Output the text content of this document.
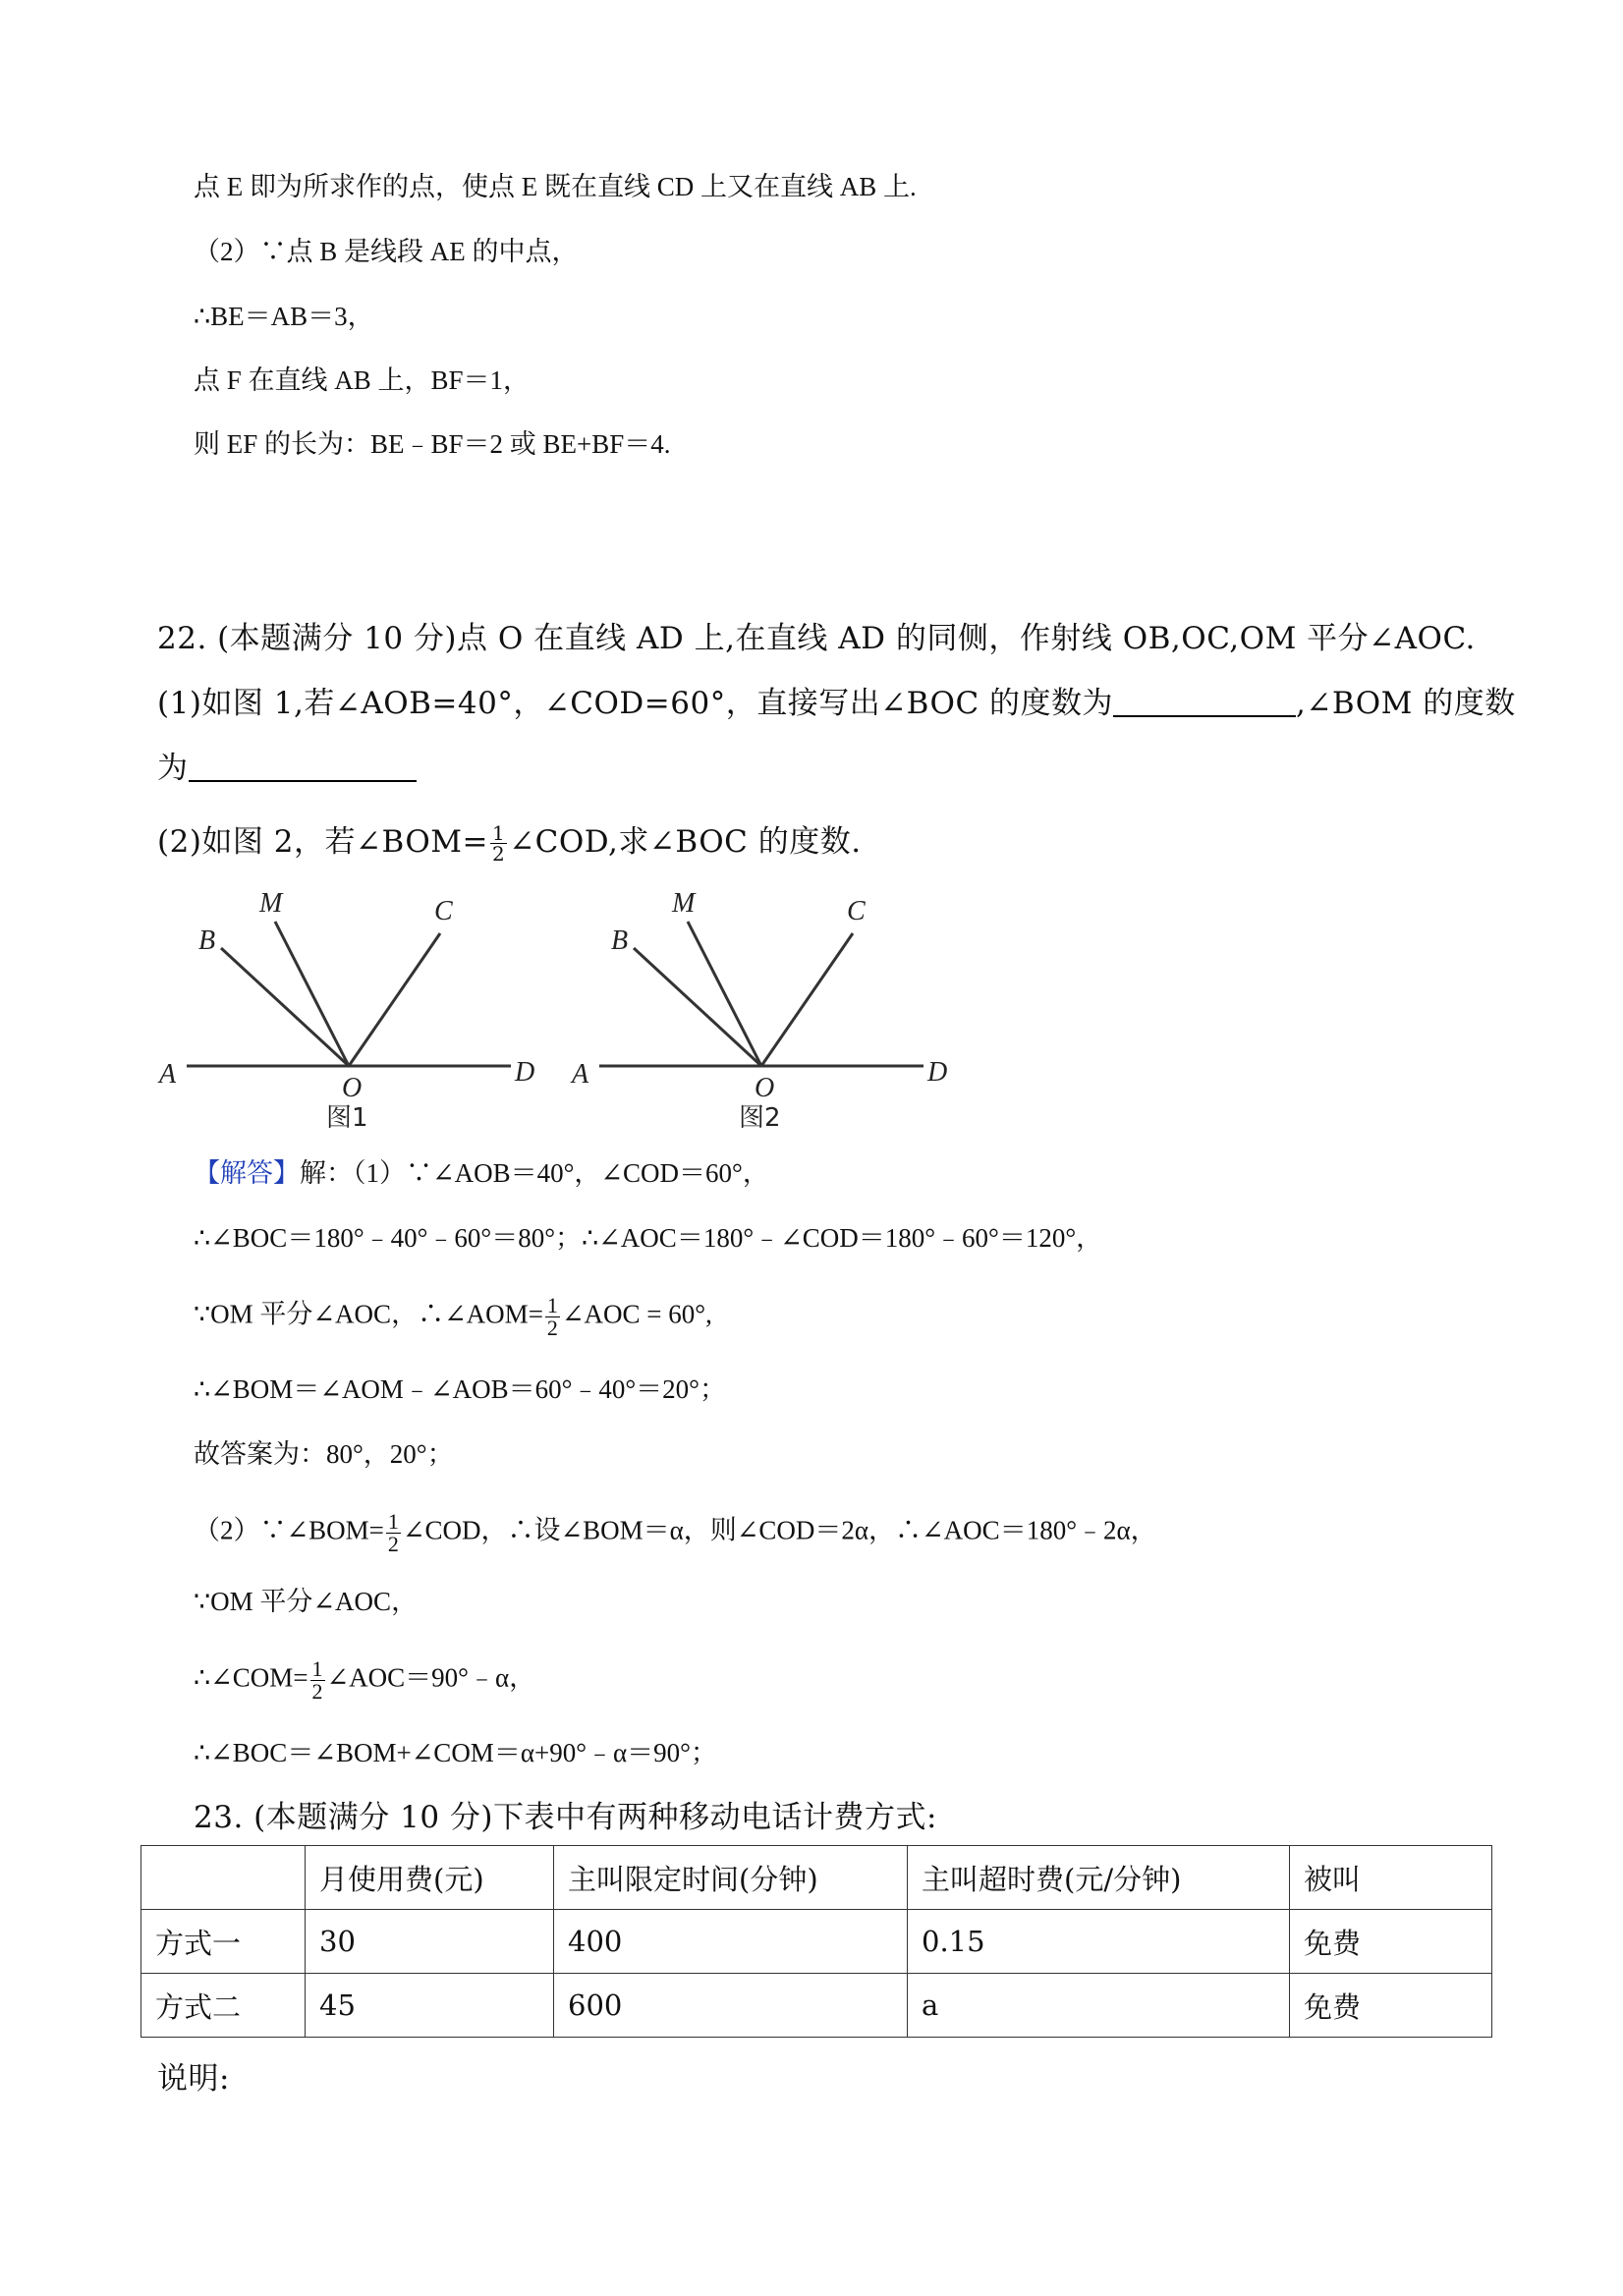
点 E 即为所求作的点，使点 E 既在直线 CD 上又在直线 AB 上.
（2）∵点 B 是线段 AE 的中点，
∴BE＝AB＝3，
点 F 在直线 AB 上，BF＝1，
则 EF 的长为：BE﹣BF＝2 或 BE+BF＝4.
22. (本题满分 10 分)点 O 在直线 AD 上,在直线 AD 的同侧，作射线 OB,OC,OM 平分∠AOC.
(1)如图 1,若∠AOB=40°，∠COD=60°，直接写出∠BOC 的度数为	,∠BOM 的度数
为
(2)如图 2，若∠BOM= $\frac{1}{2}$ ∠COD,求∠BOC 的度数.
A
B
M	C
O
D
图1
A
B
M	C
O
D
图2
【解答】解：（1）∵∠AOB＝40°，∠COD＝60°，
∴∠BOC＝180°﹣40°﹣60°＝80°；∴∠AOC＝180°﹣∠COD＝180°﹣60°＝120°，
∵OM 平分∠AOC，∴∠AOM= $\frac{1}{2}$ ∠AOC = 60°,
∴∠BOM＝∠AOM﹣∠AOB＝60°﹣40°＝20°；
故答案为：80°，20°；
（2）∵∠BOM= $\frac{1}{2}$ ∠COD，∴设∠BOM＝α，则∠COD＝2α，∴∠AOC＝180°﹣2α，
∵OM 平分∠AOC，
∴∠COM= $\frac{1}{2}$ ∠AOC＝90°﹣α，
∴∠BOC＝∠BOM+∠COM＝α+90°﹣α＝90°；
23. (本题满分 10 分)下表中有两种移动电话计费方式:
	月使用费(元)	主叫限定时间(分钟)	主叫超时费(元/分钟)	被叫
方式一	30	400	0.15	免费
方式二	45	600	a	免费
说明:
